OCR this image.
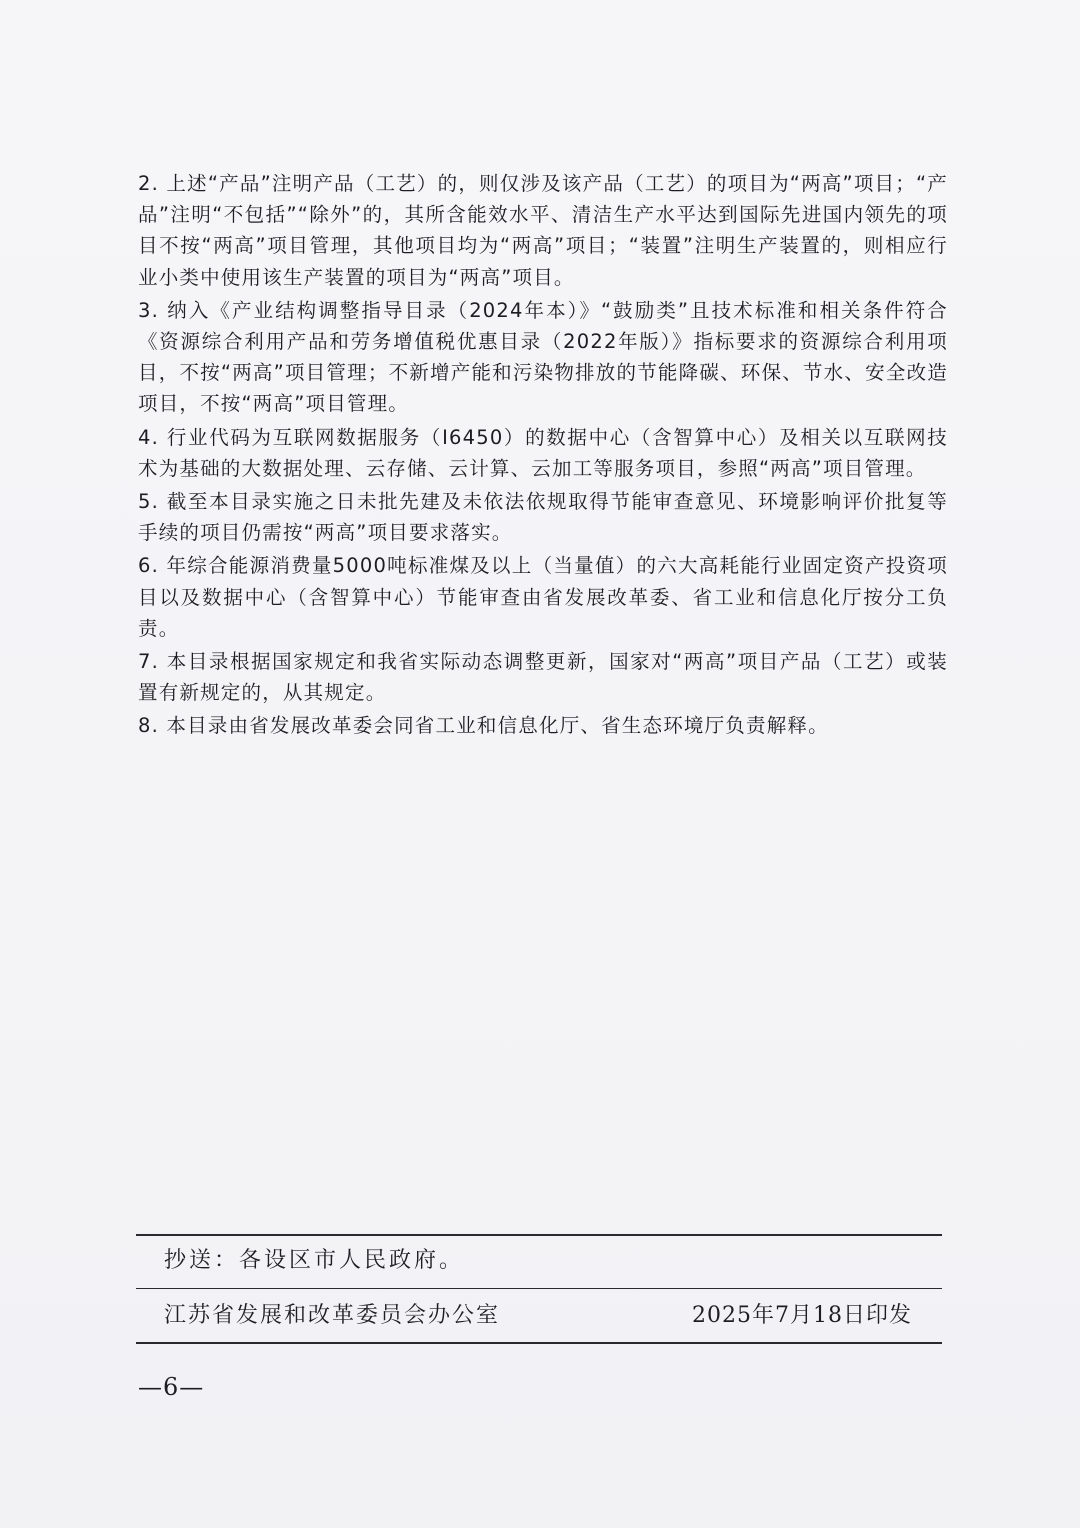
2. 上述“产品”注明产品（工艺）的，则仅涉及该产品（工艺）的项目为“两高”项目；“产品”注明“不包括”“除外”的，其所含能效水平、清洁生产水平达到国际先进国内领先的项目不按“两高”项目管理，其他项目均为“两高”项目；“装置”注明生产装置的，则相应行业小类中使用该生产装置的项目为“两高”项目。

3. 纳入《产业结构调整指导目录（2024年本）》“鼓励类”且技术标准和相关条件符合《资源综合利用产品和劳务增值税优惠目录（2022年版）》指标要求的资源综合利用项目，不按“两高”项目管理；不新增产能和污染物排放的节能降碳、环保、节水、安全改造项目，不按“两高”项目管理。

4. 行业代码为互联网数据服务（I6450）的数据中心（含智算中心）及相关以互联网技术为基础的大数据处理、云存储、云计算、云加工等服务项目，参照“两高”项目管理。

5. 截至本目录实施之日未批先建及未依法依规取得节能审查意见、环境影响评价批复等手续的项目仍需按“两高”项目要求落实。

6. 年综合能源消费量5000吨标准煤及以上（当量值）的六大高耗能行业固定资产投资项目以及数据中心（含智算中心）节能审查由省发展改革委、省工业和信息化厅按分工负责。

7. 本目录根据国家规定和我省实际动态调整更新，国家对“两高”项目产品（工艺）或装置有新规定的，从其规定。

8. 本目录由省发展改革委会同省工业和信息化厅、省生态环境厅负责解释。

抄送：各设区市人民政府。
江苏省发展和改革委员会办公室	2025年7月18日印发
—6—
